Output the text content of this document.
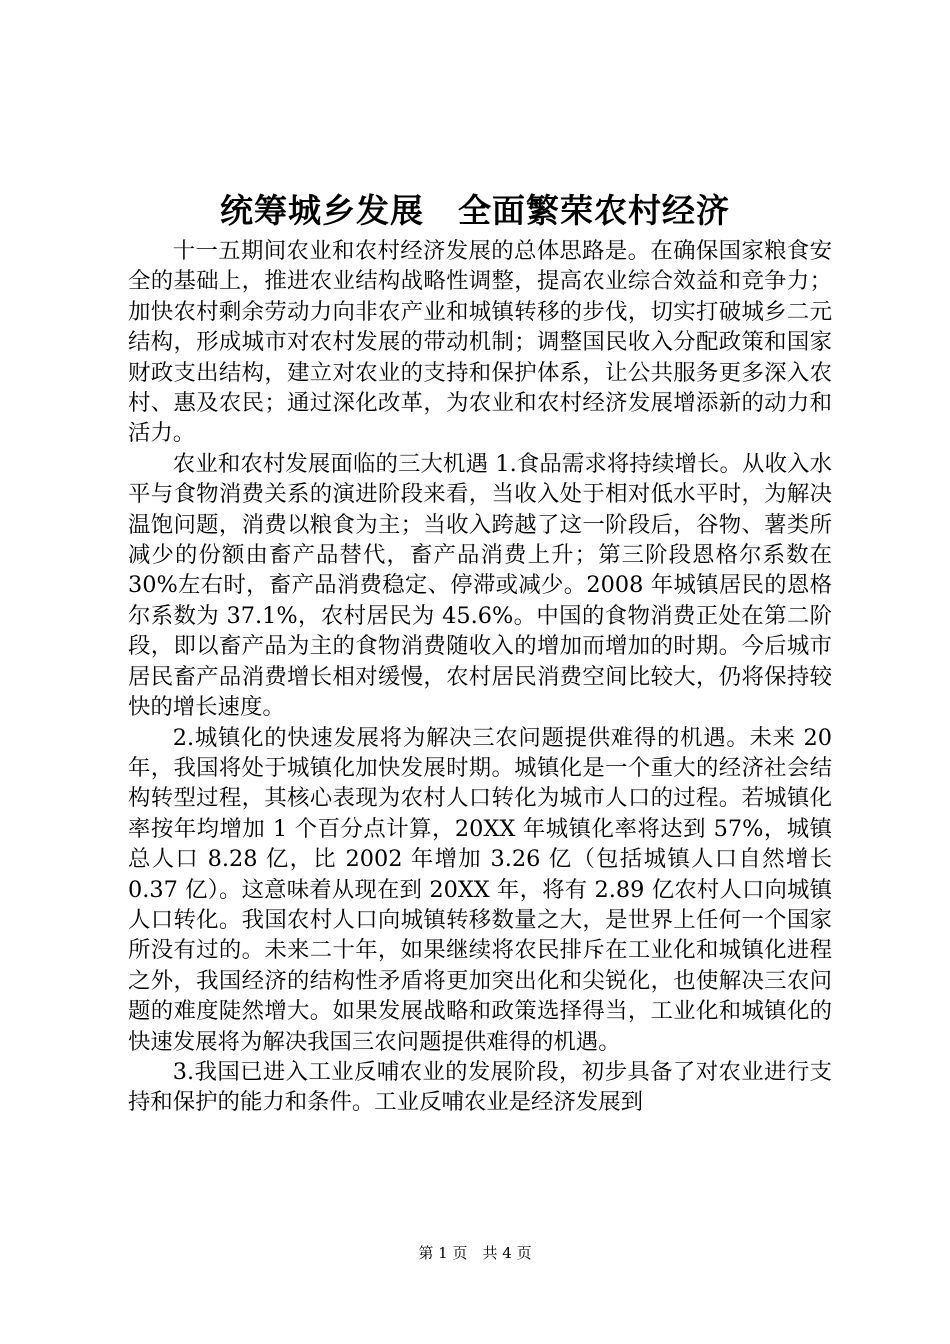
统筹城乡发展　全面繁荣农村经济

十一五期间农业和农村经济发展的总体思路是。在确保国家粮食安全的基础上，推进农业结构战略性调整，提高农业综合效益和竞争力；加快农村剩余劳动力向非农产业和城镇转移的步伐，切实打破城乡二元结构，形成城市对农村发展的带动机制；调整国民收入分配政策和国家财政支出结构，建立对农业的支持和保护体系，让公共服务更多深入农村、惠及农民；通过深化改革，为农业和农村经济发展增添新的动力和活力。

农业和农村发展面临的三大机遇 1.食品需求将持续增长。从收入水平与食物消费关系的演进阶段来看，当收入处于相对低水平时，为解决温饱问题，消费以粮食为主；当收入跨越了这一阶段后，谷物、薯类所减少的份额由畜产品替代，畜产品消费上升；第三阶段恩格尔系数在 30%左右时，畜产品消费稳定、停滞或减少。2008 年城镇居民的恩格尔系数为 37.1%，农村居民为 45.6%。中国的食物消费正处在第二阶段，即以畜产品为主的食物消费随收入的增加而增加的时期。今后城市居民畜产品消费增长相对缓慢，农村居民消费空间比较大，仍将保持较快的增长速度。

2.城镇化的快速发展将为解决三农问题提供难得的机遇。未来 20 年，我国将处于城镇化加快发展时期。城镇化是一个重大的经济社会结构转型过程，其核心表现为农村人口转化为城市人口的过程。若城镇化率按年均增加 1 个百分点计算，20XX 年城镇化率将达到 57%，城镇总人口 8.28 亿，比 2002 年增加 3.26 亿（包括城镇人口自然增长 0.37 亿）。这意味着从现在到 20XX 年，将有 2.89 亿农村人口向城镇人口转化。我国农村人口向城镇转移数量之大，是世界上任何一个国家所没有过的。未来二十年，如果继续将农民排斥在工业化和城镇化进程之外，我国经济的结构性矛盾将更加突出化和尖锐化，也使解决三农问题的难度陡然增大。如果发展战略和政策选择得当，工业化和城镇化的快速发展将为解决我国三农问题提供难得的机遇。

3.我国已进入工业反哺农业的发展阶段，初步具备了对农业进行支持和保护的能力和条件。工业反哺农业是经济发展到

第 1 页　共 4 页
